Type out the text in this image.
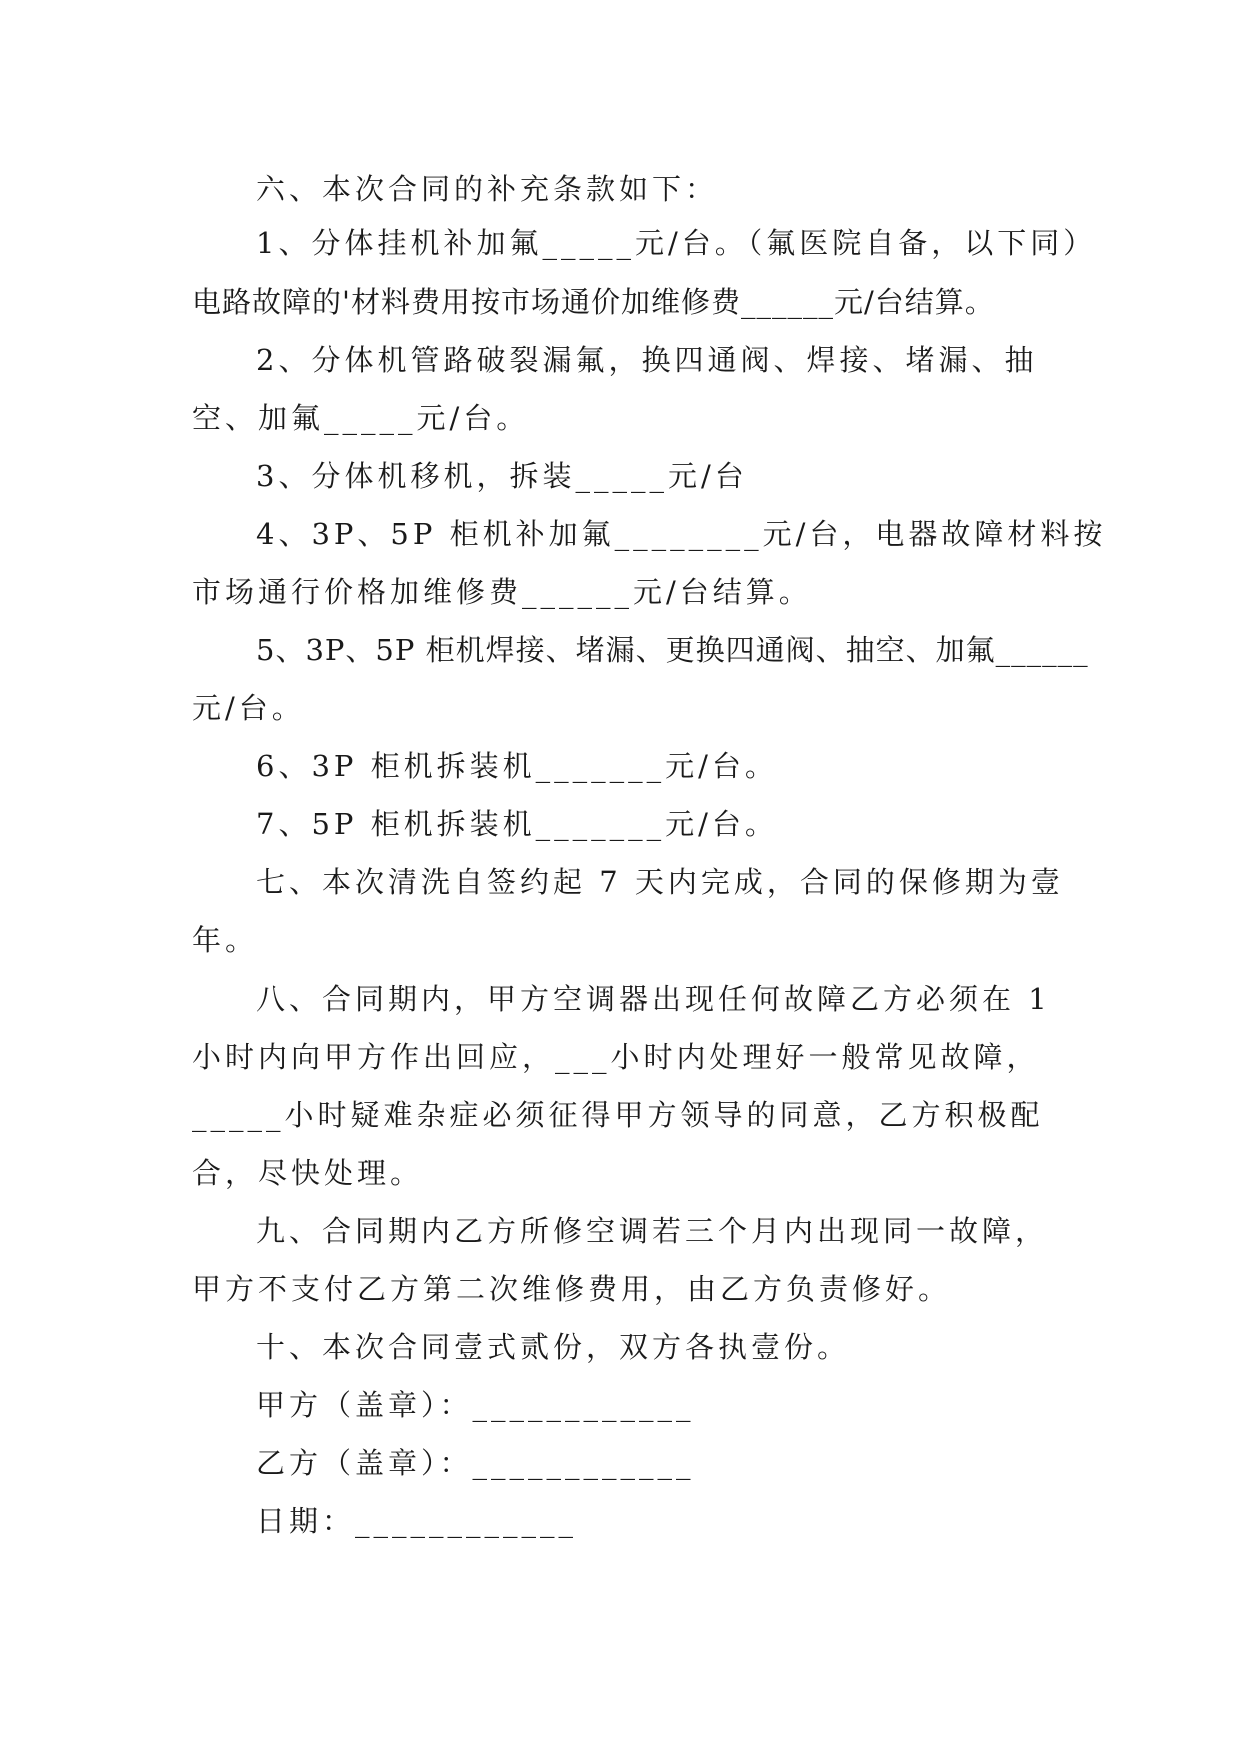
六、本次合同的补充条款如下：
1、分体挂机补加氟_____元/台。（氟医院自备，以下同）
电路故障的'材料费用按市场通价加维修费______元/台结算。
2、分体机管路破裂漏氟，换四通阀、焊接、堵漏、抽
空、加氟_____元/台。
3、分体机移机，拆装_____元/台
4、3P、5P 柜机补加氟________元/台，电器故障材料按
市场通行价格加维修费______元/台结算。
5、3P、5P 柜机焊接、堵漏、更换四通阀、抽空、加氟______
元/台。
6、3P 柜机拆装机_______元/台。
7、5P 柜机拆装机_______元/台。
七、本次清洗自签约起 7 天内完成，合同的保修期为壹
年。
八、合同期内，甲方空调器出现任何故障乙方必须在 1
小时内向甲方作出回应，___小时内处理好一般常见故障，
_____小时疑难杂症必须征得甲方领导的同意，乙方积极配
合，尽快处理。
九、合同期内乙方所修空调若三个月内出现同一故障，
甲方不支付乙方第二次维修费用，由乙方负责修好。
十、本次合同壹式贰份，双方各执壹份。
甲方（盖章）：____________
乙方（盖章）：____________
日期：____________
